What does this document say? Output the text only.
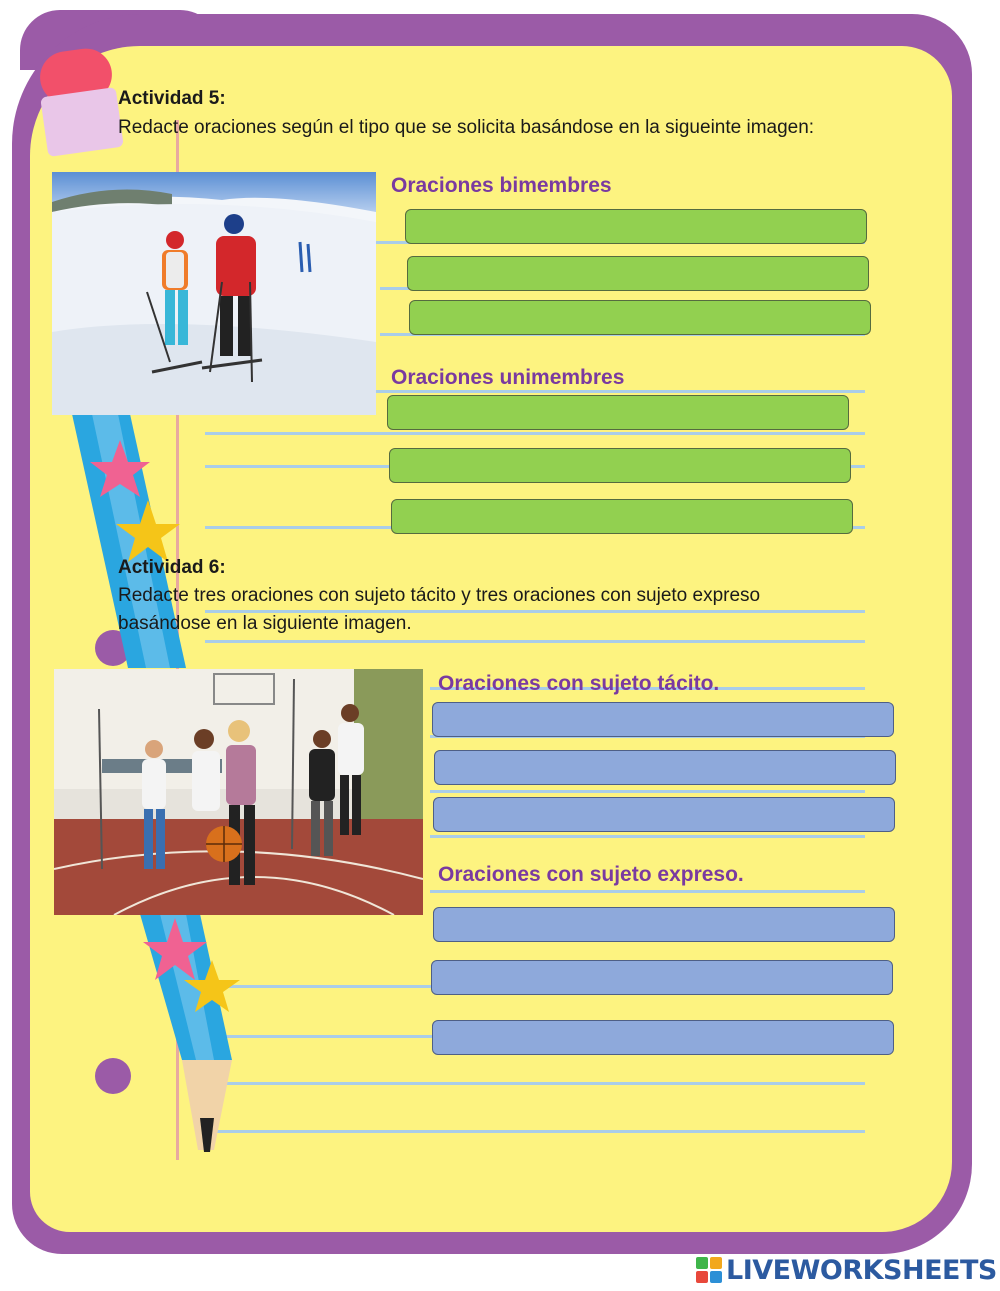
Actividad 5:
Redacte oraciones según el tipo que se solicita basándose en la sigueinte imagen:
Oraciones bimembres
Oraciones unimembres
Actividad 6:
Redacte tres oraciones con sujeto tácito y tres oraciones con sujeto expreso
basándose en la siguiente imagen.
Oraciones con sujeto tácito.
Oraciones con sujeto expreso.
LIVEWORKSHEETS
